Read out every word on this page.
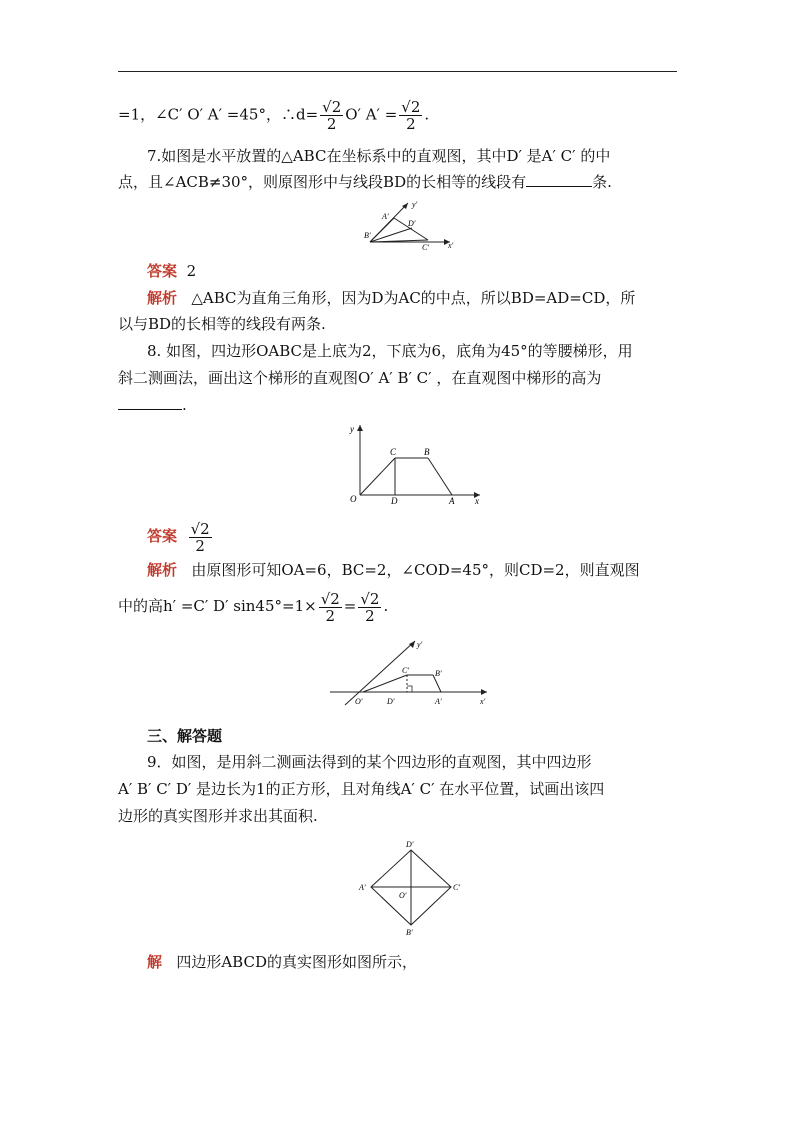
=1，∠C′ O′ A′ =45°，∴d= $\frac{√2}{2} O'$ $A' = \frac{√2}{2}$ .
7.如图是水平放置的△ABC在坐标系中的直观图，其中D′ 是A′ C′ 的中
点，且∠ACB≠30°，则原图形中与线段BD的长相等的线段有	条.
y′
A′
D′
B′
C′ x′
答案 2
解析 △ABC为直角三角形，因为D为AC的中点，所以BD=AD=CD，所
以与BD的长相等的线段有两条.
8. 如图，四边形OABC是上底为2，下底为6，底角为45°的等腰梯形，用
斜二测画法，画出这个梯形的直观图O′ A′ B′ C′ ，在直观图中梯形的高为
.
y
C	B
O	D	A x
答案 $\frac{√2}{2}$
解析 由原图形可知OA=6，BC=2，∠COD=45°，则CD=2，则直观图
中的高h′ =C′ D′ $\sin 45^\circ=1\times \frac{√2}{2} = \frac{√2}{2}$ .
y′
C′	B′
O′	D′	A′	x′
三、解答题
9．如图，是用斜二测画法得到的某个四边形的直观图，其中四边形
A′ B′ C′ D′ 是边长为1的正方形，且对角线A′ C′ 在水平位置，试画出该四
边形的真实图形并求出其面积.
D′
A′	C′
O′
B′
解 四边形ABCD的真实图形如图所示，
